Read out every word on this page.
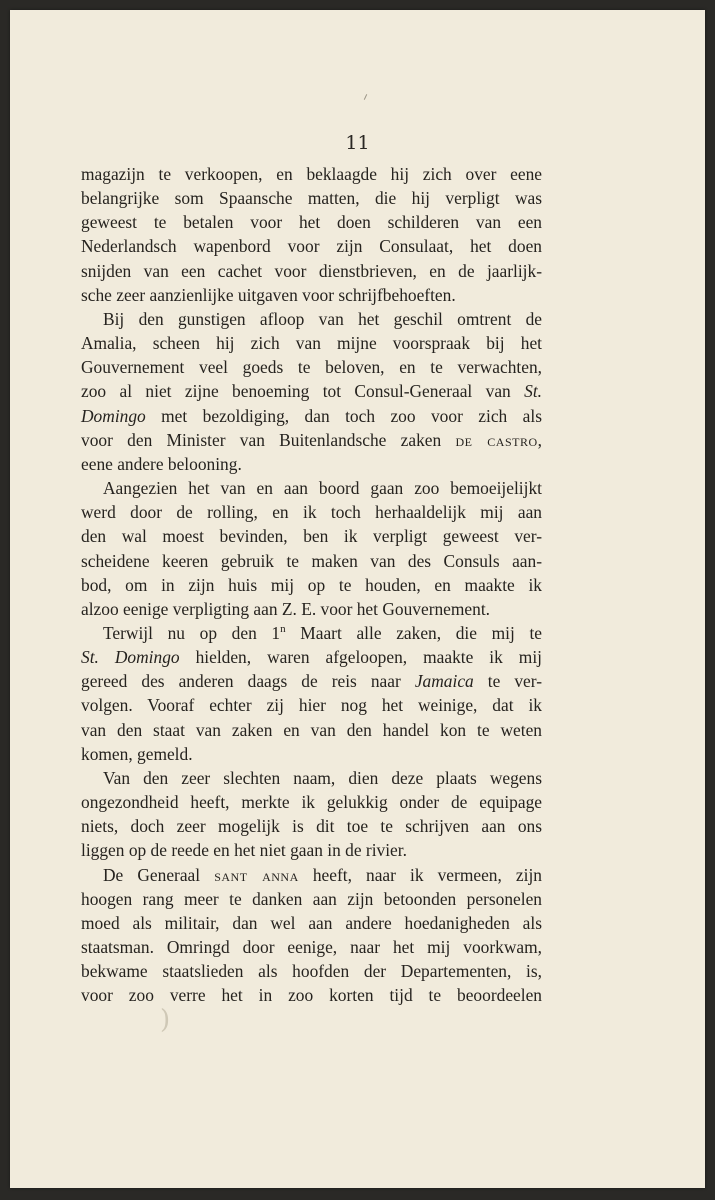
11
magazijn te verkoopen, en beklaagde hij zich over eene
belangrijke som Spaansche matten, die hij verpligt was
geweest te betalen voor het doen schilderen van een
Nederlandsch wapenbord voor zijn Consulaat, het doen
snijden van een cachet voor dienstbrieven, en de jaarlijk-
sche zeer aanzienlijke uitgaven voor schrijfbehoeften.
Bij den gunstigen afloop van het geschil omtrent de
Amalia, scheen hij zich van mijne voorspraak bij het
Gouvernement veel goeds te beloven, en te verwachten,
zoo al niet zijne benoeming tot Consul-Generaal van St.
Domingo met bezoldiging, dan toch zoo voor zich als
voor den Minister van Buitenlandsche zaken de castro,
eene andere belooning.
Aangezien het van en aan boord gaan zoo bemoeijelijkt
werd door de rolling, en ik toch herhaaldelijk mij aan
den wal moest bevinden, ben ik verpligt geweest ver-
scheidene keeren gebruik te maken van des Consuls aan-
bod, om in zijn huis mij op te houden, en maakte ik
alzoo eenige verpligting aan Z. E. voor het Gouvernement.
Terwijl nu op den 1$^n$ Maart alle zaken, die mij te
St. Domingo hielden, waren afgeloopen, maakte ik mij
gereed des anderen daags de reis naar Jamaica te ver-
volgen. Vooraf echter zij hier nog het weinige, dat ik
van den staat van zaken en van den handel kon te weten
komen, gemeld.
Van den zeer slechten naam, dien deze plaats wegens
ongezondheid heeft, merkte ik gelukkig onder de equipage
niets, doch zeer mogelijk is dit toe te schrijven aan ons
liggen op de reede en het niet gaan in de rivier.
De Generaal sant anna heeft, naar ik vermeen, zijn
hoogen rang meer te danken aan zijn betoonden personelen
moed als militair, dan wel aan andere hoedanigheden als
staatsman. Omringd door eenige, naar het mij voorkwam,
bekwame staatslieden als hoofden der Departementen, is,
voor zoo verre het in zoo korten tijd te beoordeelen
)
